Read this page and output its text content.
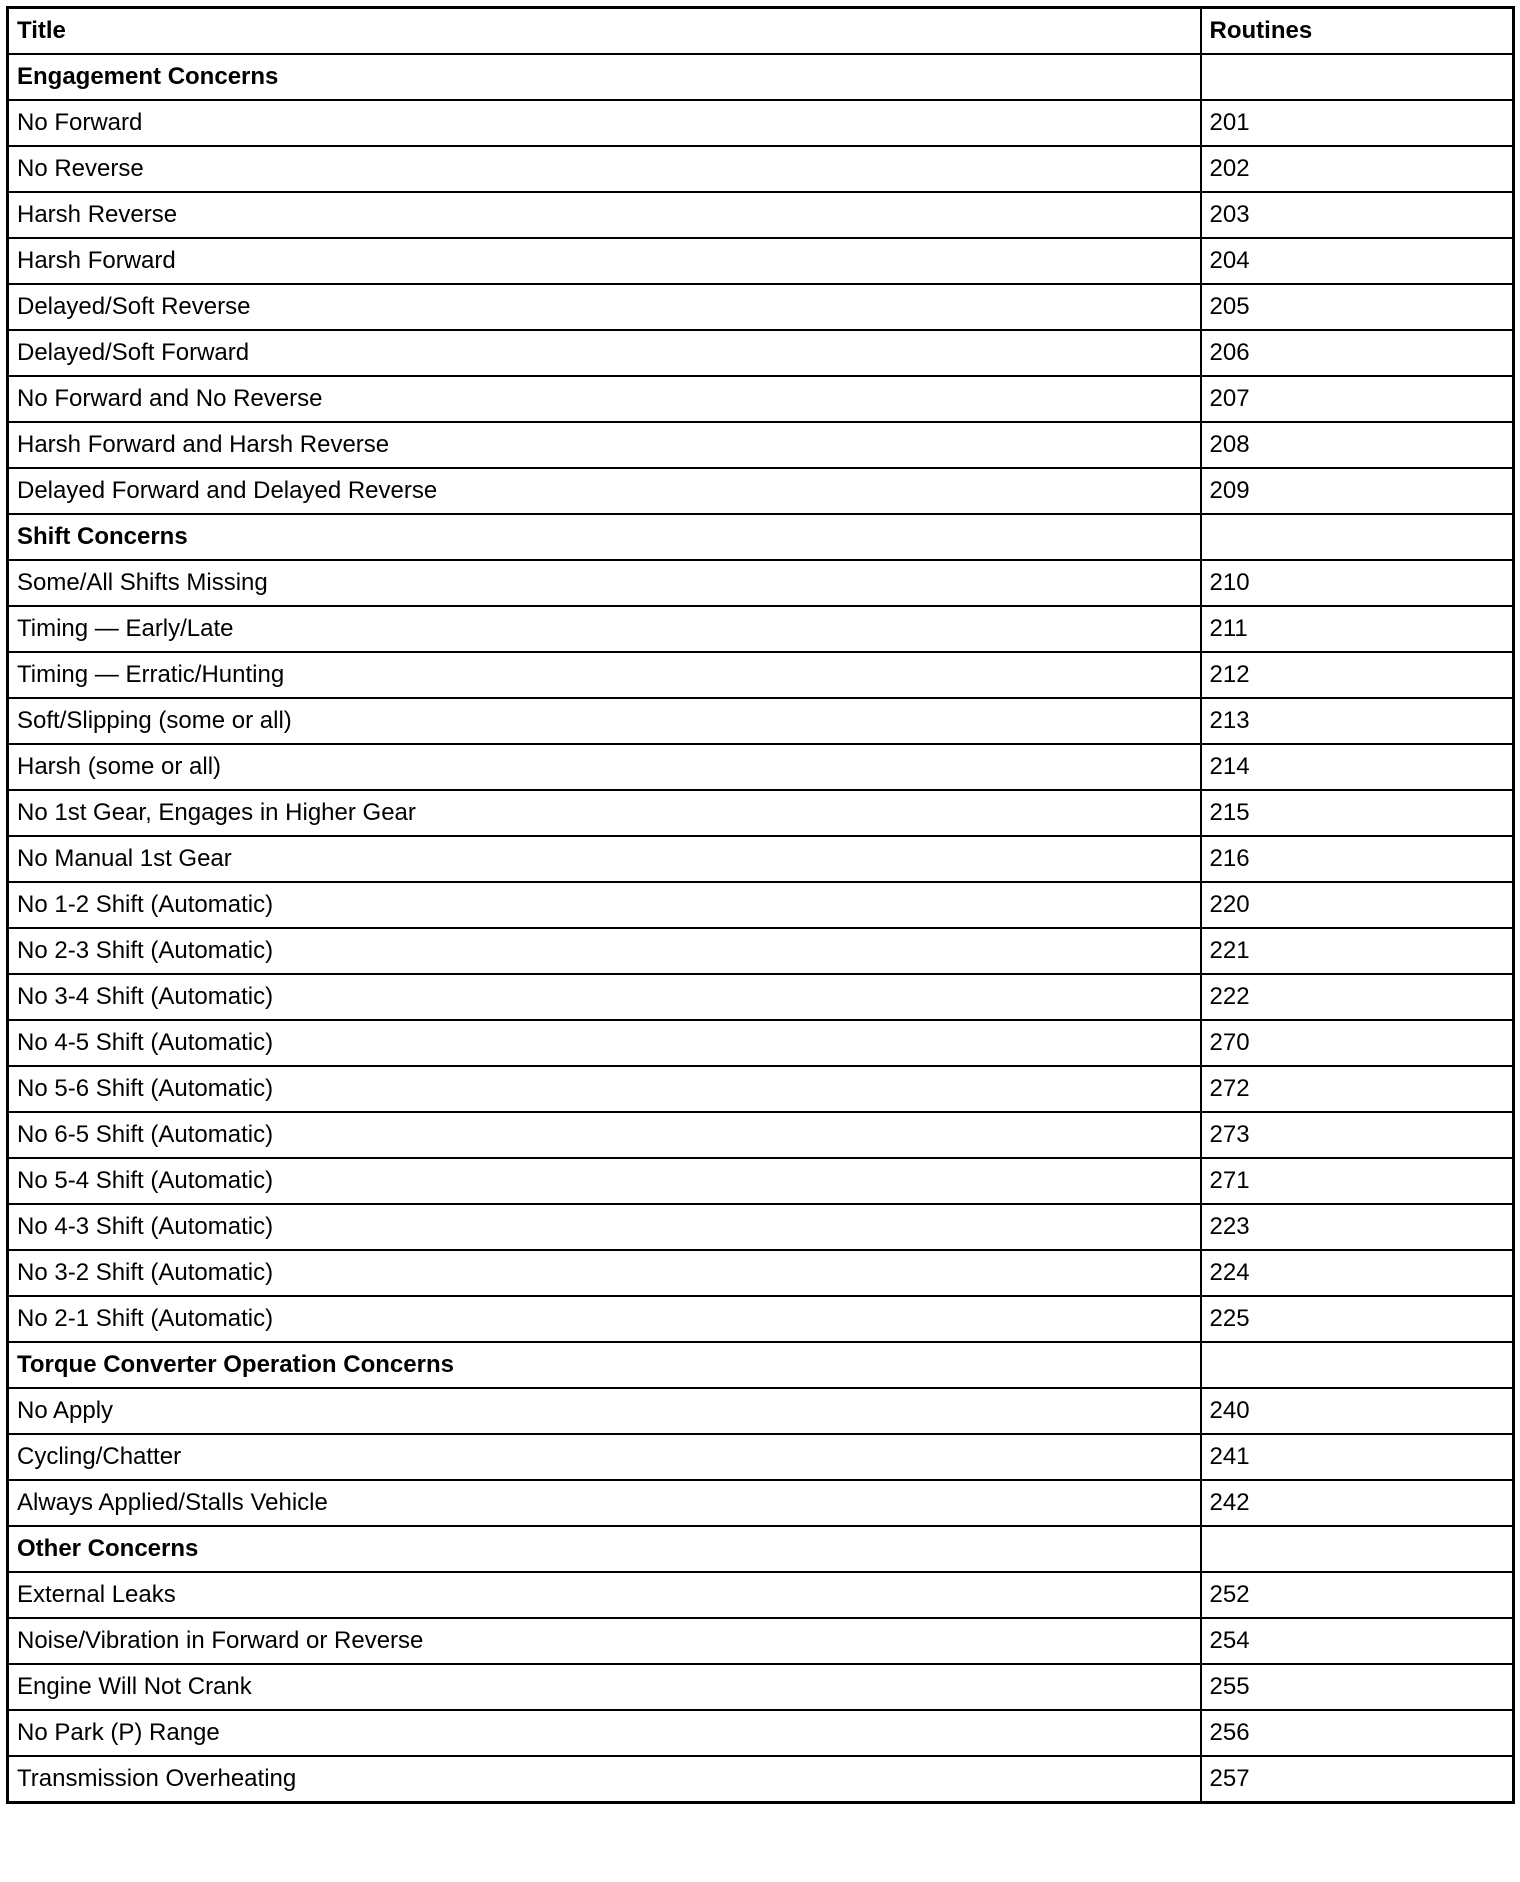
Title	Routines
Engagement Concerns	
No Forward	201
No Reverse	202
Harsh Reverse	203
Harsh Forward	204
Delayed/Soft Reverse	205
Delayed/Soft Forward	206
No Forward and No Reverse	207
Harsh Forward and Harsh Reverse	208
Delayed Forward and Delayed Reverse	209
Shift Concerns	
Some/All Shifts Missing	210
Timing — Early/Late	211
Timing — Erratic/Hunting	212
Soft/Slipping (some or all)	213
Harsh (some or all)	214
No 1st Gear, Engages in Higher Gear	215
No Manual 1st Gear	216
No 1-2 Shift (Automatic)	220
No 2-3 Shift (Automatic)	221
No 3-4 Shift (Automatic)	222
No 4-5 Shift (Automatic)	270
No 5-6 Shift (Automatic)	272
No 6-5 Shift (Automatic)	273
No 5-4 Shift (Automatic)	271
No 4-3 Shift (Automatic)	223
No 3-2 Shift (Automatic)	224
No 2-1 Shift (Automatic)	225
Torque Converter Operation Concerns	
No Apply	240
Cycling/Chatter	241
Always Applied/Stalls Vehicle	242
Other Concerns	
External Leaks	252
Noise/Vibration in Forward or Reverse	254
Engine Will Not Crank	255
No Park (P) Range	256
Transmission Overheating	257
